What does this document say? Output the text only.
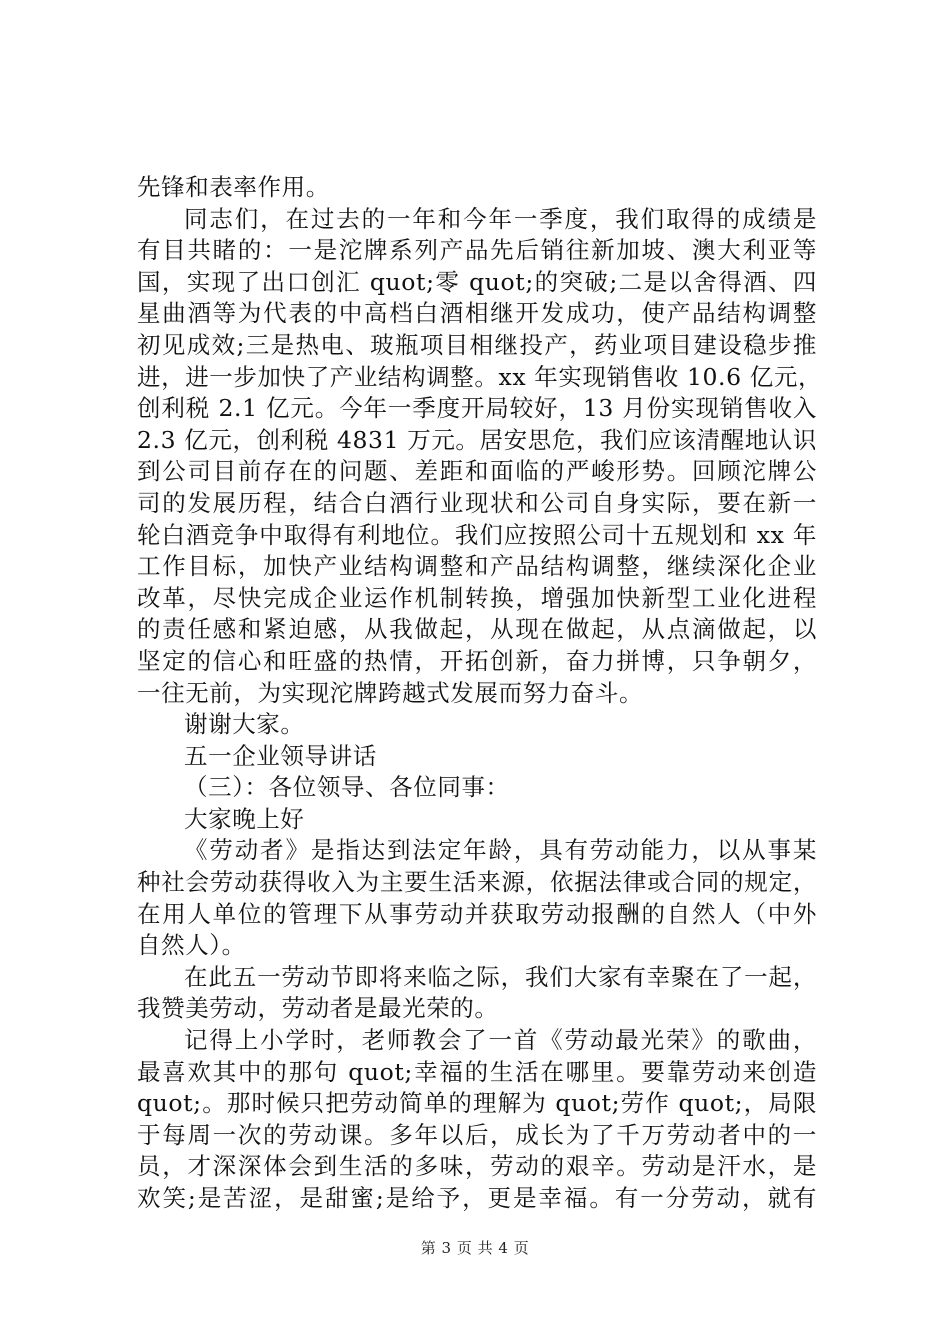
先锋和表率作用。
同志们，在过去的一年和今年一季度，我们取得的成绩是
有目共睹的：一是沱牌系列产品先后销往新加坡、澳大利亚等
国，实现了出口创汇 quot;零 quot;的突破;二是以舍得酒、四
星曲酒等为代表的中高档白酒相继开发成功，使产品结构调整
初见成效;三是热电、玻瓶项目相继投产，药业项目建设稳步推
进，进一步加快了产业结构调整。xx 年实现销售收 10.6 亿元，
创利税 2.1 亿元。今年一季度开局较好，13 月份实现销售收入
2.3 亿元，创利税 4831 万元。居安思危，我们应该清醒地认识
到公司目前存在的问题、差距和面临的严峻形势。回顾沱牌公
司的发展历程，结合白酒行业现状和公司自身实际，要在新一
轮白酒竞争中取得有利地位。我们应按照公司十五规划和 xx 年
工作目标，加快产业结构调整和产品结构调整，继续深化企业
改革，尽快完成企业运作机制转换，增强加快新型工业化进程
的责任感和紧迫感，从我做起，从现在做起，从点滴做起，以
坚定的信心和旺盛的热情，开拓创新，奋力拼博，只争朝夕，
一往无前，为实现沱牌跨越式发展而努力奋斗。
谢谢大家。
五一企业领导讲话
（三）：各位领导、各位同事：
大家晚上好
《劳动者》是指达到法定年龄，具有劳动能力，以从事某
种社会劳动获得收入为主要生活来源，依据法律或合同的规定，
在用人单位的管理下从事劳动并获取劳动报酬的自然人（中外
自然人）。
在此五一劳动节即将来临之际，我们大家有幸聚在了一起，
我赞美劳动，劳动者是最光荣的。
记得上小学时，老师教会了一首《劳动最光荣》的歌曲，
最喜欢其中的那句 quot;幸福的生活在哪里。要靠劳动来创造
quot;。那时候只把劳动简单的理解为 quot;劳作 quot;，局限
于每周一次的劳动课。多年以后，成长为了千万劳动者中的一
员，才深深体会到生活的多味，劳动的艰辛。劳动是汗水，是
欢笑;是苦涩，是甜蜜;是给予，更是幸福。有一分劳动，就有
第 3 页 共 4 页
